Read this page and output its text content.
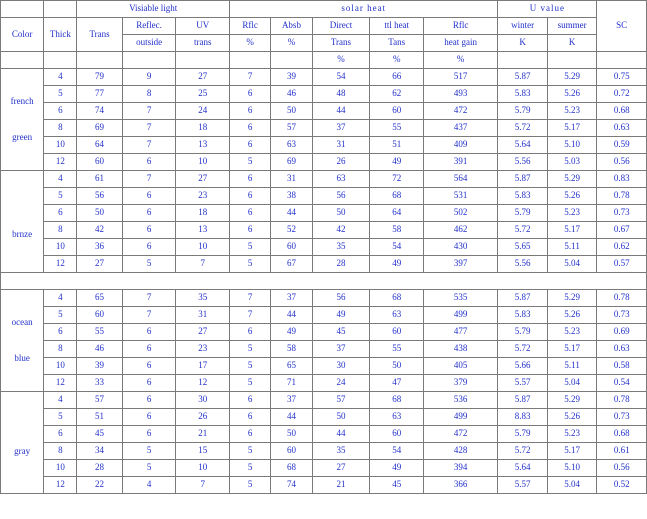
		Visiable light			solar heat					U value		SC
Color	Thick	Trans	Reflec.	UV	Rflc	Absb	Direct	ttl heat	Rflc	winter	summer	
			outside	trans	%	%	Trans	Tans	heat gain	K	K	
							%	%	%			

french
green	4	79	9	27	7	39	54	66	517	5.87	5.29	0.75
	5	77	8	25	6	46	48	62	493	5.83	5.26	0.72
	6	74	7	24	6	50	44	60	472	5.79	5.23	0.68
	8	69	7	18	6	57	37	55	437	5.72	5.17	0.63
	10	64	7	13	6	63	31	51	409	5.64	5.10	0.59
	12	60	6	10	5	69	26	49	391	5.56	5.03	0.56

brnze	4	61	7	27	6	31	63	72	564	5.87	5.29	0.83
	5	56	6	23	6	38	56	68	531	5.83	5.26	0.78
	6	50	6	18	6	44	50	64	502	5.79	5.23	0.73
	8	42	6	13	6	52	42	58	462	5.72	5.17	0.67
	10	36	6	10	5	60	35	54	430	5.65	5.11	0.62
	12	27	5	7	5	67	28	49	397	5.56	5.04	0.57

ocean
blue	4	65	7	35	7	37	56	68	535	5.87	5.29	0.78
	5	60	7	31	7	44	49	63	499	5.83	5.26	0.73
	6	55	6	27	6	49	45	60	477	5.79	5.23	0.69
	8	46	6	23	5	58	37	55	438	5.72	5.17	0.63
	10	39	6	17	5	65	30	50	405	5.66	5.11	0.58
	12	33	6	12	5	71	24	47	379	5.57	5.04	0.54

gray	4	57	6	30	6	37	57	68	536	5.87	5.29	0.78
	5	51	6	26	6	44	50	63	499	8.83	5.26	0.73
	6	45	6	21	6	50	44	60	472	5.79	5.23	0.68
	8	34	5	15	5	60	35	54	428	5.72	5.17	0.61
	10	28	5	10	5	68	27	49	394	5.64	5.10	0.56
	12	22	4	7	5	74	21	45	366	5.57	5.04	0.52
